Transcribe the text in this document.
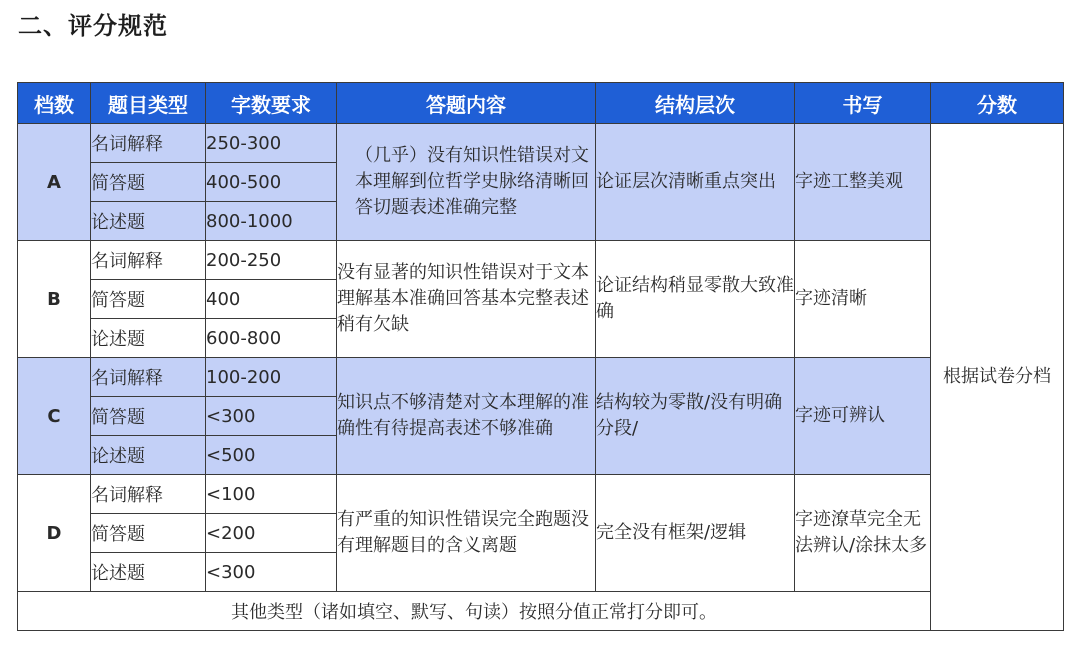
二、评分规范
档数	题目类型	字数要求	答题内容	结构层次	书写	分数
A	名词解释	250-300	（几乎）没有知识性错误对文本理解到位哲学史脉络清晰回答切题表述准确完整	论证层次清晰重点突出	字迹工整美观	根据试卷分档
	简答题	400-500				
	论述题	800-1000				
B	名词解释	200-250	没有显著的知识性错误对于文本理解基本准确回答基本完整表述稍有欠缺	论证结构稍显零散大致准确	字迹清晰	
	简答题	400				
	论述题	600-800				
C	名词解释	100-200	知识点不够清楚对文本理解的准确性有待提高表述不够准确	结构较为零散/没有明确分段/	字迹可辨认	
	简答题	<300				
	论述题	<500				
D	名词解释	<100	有严重的知识性错误完全跑题没有理解题目的含义离题	完全没有框架/逻辑	字迹潦草完全无法辨认/涂抹太多	
	简答题	<200				
	论述题	<300				
其他类型（诸如填空、默写、句读）按照分值正常打分即可。						
